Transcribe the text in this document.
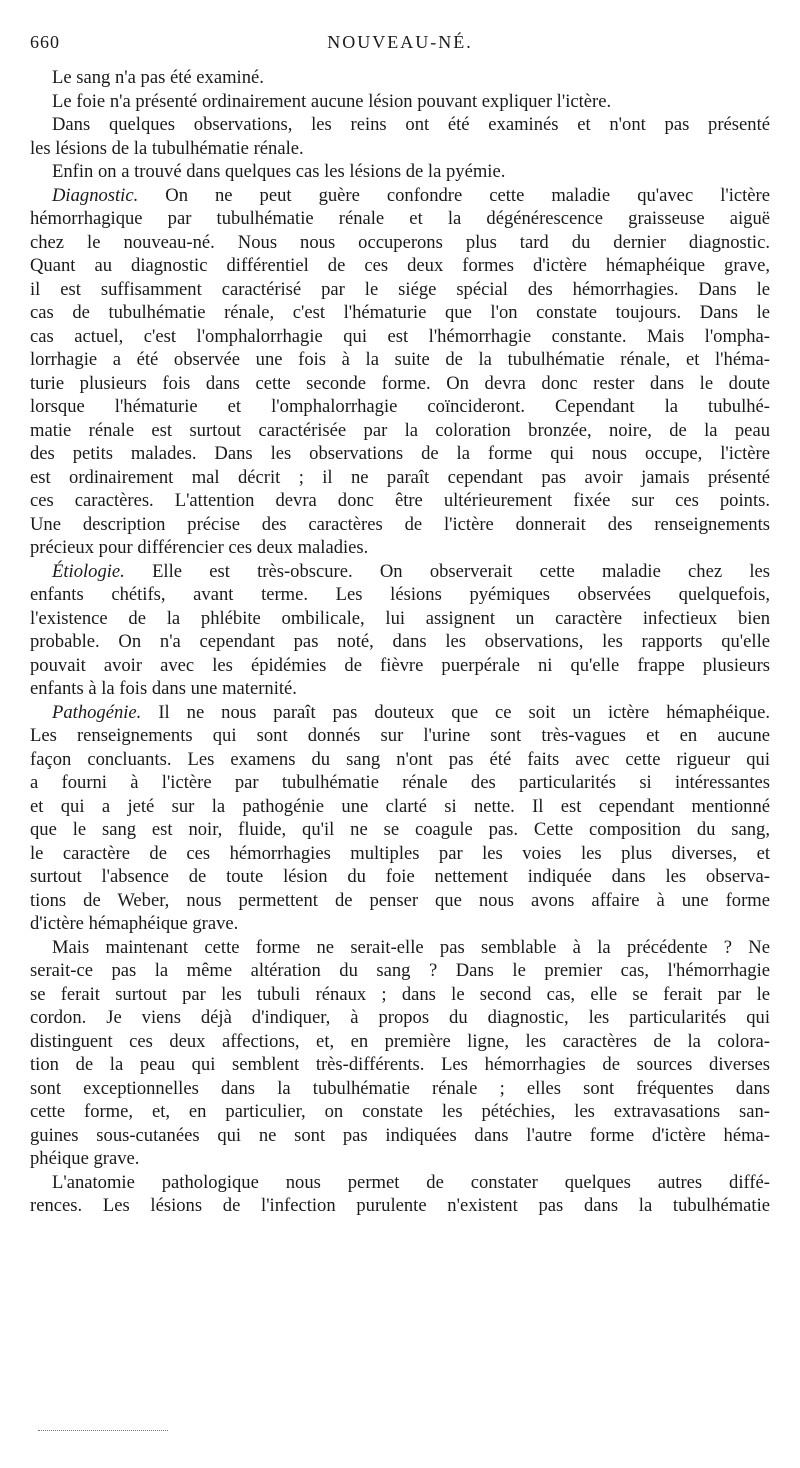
660	NOUVEAU-NÉ.
Le sang n'a pas été examiné.
Le foie n'a présenté ordinairement aucune lésion pouvant expliquer l'ictère.
Dans quelques observations, les reins ont été examinés et n'ont pas présenté
les lésions de la tubulhématie rénale.
Enfin on a trouvé dans quelques cas les lésions de la pyémie.
Diagnostic. On ne peut guère confondre cette maladie qu'avec l'ictère
hémorrhagique par tubulhématie rénale et la dégénérescence graisseuse aiguë
chez le nouveau-né. Nous nous occuperons plus tard du dernier diagnostic.
Quant au diagnostic différentiel de ces deux formes d'ictère hémaphéique grave,
il est suffisamment caractérisé par le siége spécial des hémorrhagies. Dans le
cas de tubulhématie rénale, c'est l'hématurie que l'on constate toujours. Dans le
cas actuel, c'est l'omphalorrhagie qui est l'hémorrhagie constante. Mais l'ompha-
lorrhagie a été observée une fois à la suite de la tubulhématie rénale, et l'héma-
turie plusieurs fois dans cette seconde forme. On devra donc rester dans le doute
lorsque l'hématurie et l'omphalorrhagie coïncideront. Cependant la tubulhé-
matie rénale est surtout caractérisée par la coloration bronzée, noire, de la peau
des petits malades. Dans les observations de la forme qui nous occupe, l'ictère
est ordinairement mal décrit ; il ne paraît cependant pas avoir jamais présenté
ces caractères. L'attention devra donc être ultérieurement fixée sur ces points.
Une description précise des caractères de l'ictère donnerait des renseignements
précieux pour différencier ces deux maladies.
Étiologie. Elle est très-obscure. On observerait cette maladie chez les
enfants chétifs, avant terme. Les lésions pyémiques observées quelquefois,
l'existence de la phlébite ombilicale, lui assignent un caractère infectieux bien
probable. On n'a cependant pas noté, dans les observations, les rapports qu'elle
pouvait avoir avec les épidémies de fièvre puerpérale ni qu'elle frappe plusieurs
enfants à la fois dans une maternité.
Pathogénie. Il ne nous paraît pas douteux que ce soit un ictère hémaphéique.
Les renseignements qui sont donnés sur l'urine sont très-vagues et en aucune
façon concluants. Les examens du sang n'ont pas été faits avec cette rigueur qui
a fourni à l'ictère par tubulhématie rénale des particularités si intéressantes
et qui a jeté sur la pathogénie une clarté si nette. Il est cependant mentionné
que le sang est noir, fluide, qu'il ne se coagule pas. Cette composition du sang,
le caractère de ces hémorrhagies multiples par les voies les plus diverses, et
surtout l'absence de toute lésion du foie nettement indiquée dans les observa-
tions de Weber, nous permettent de penser que nous avons affaire à une forme
d'ictère hémaphéique grave.
Mais maintenant cette forme ne serait-elle pas semblable à la précédente ? Ne
serait-ce pas la même altération du sang ? Dans le premier cas, l'hémorrhagie
se ferait surtout par les tubuli rénaux ; dans le second cas, elle se ferait par le
cordon. Je viens déjà d'indiquer, à propos du diagnostic, les particularités qui
distinguent ces deux affections, et, en première ligne, les caractères de la colora-
tion de la peau qui semblent très-différents. Les hémorrhagies de sources diverses
sont exceptionnelles dans la tubulhématie rénale ; elles sont fréquentes dans
cette forme, et, en particulier, on constate les pétéchies, les extravasations san-
guines sous-cutanées qui ne sont pas indiquées dans l'autre forme d'ictère héma-
phéique grave.
L'anatomie pathologique nous permet de constater quelques autres diffé-
rences. Les lésions de l'infection purulente n'existent pas dans la tubulhématie
